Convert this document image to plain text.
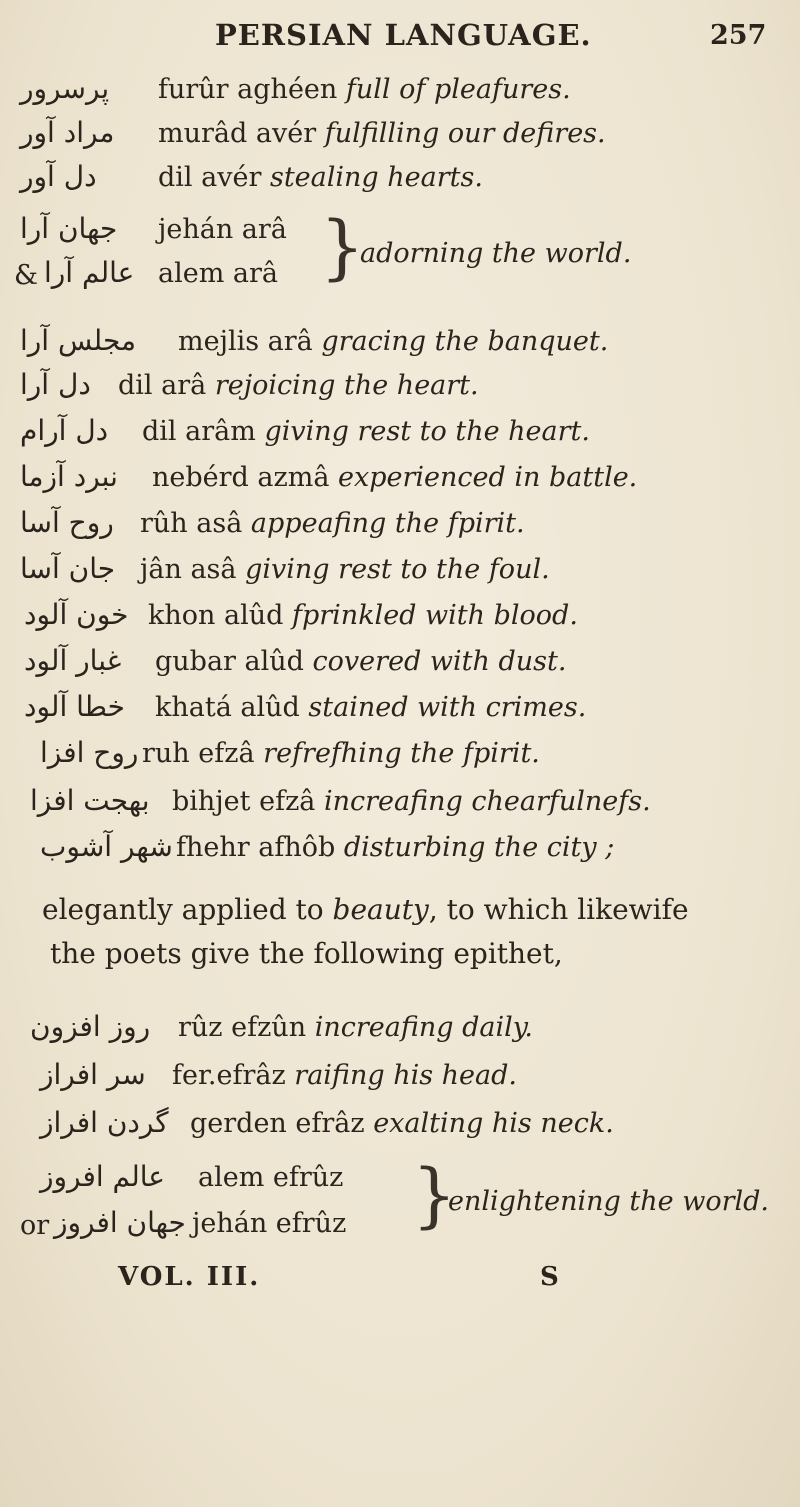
PERSIAN LANGUAGE.	257
پرسرور furûr aghéen full of pleafures.
مراد آور murâd avér fulfilling our defires.
دل آور dil avér stealing hearts.
جهان آرا jehán arâ
& عالم آرا alem arâ }
adorning the world.
مجلس آرا mejlis arâ gracing the banquet.
دل آرا dil arâ rejoicing the heart.
دل آرام dil arâm giving rest to the heart.
نبرد آزما nebérd azmâ experienced in battle.
روح آسا rûh asâ appeafing the fpirit.
جان آسا jân asâ giving rest to the foul.
خون آلود khon alûd fprinkled with blood.
غبار آلود gubar alûd covered with dust.
خطا آلود khatá alûd stained with crimes.
روح افزا ruh efzâ refrefhing the fpirit.
بهجت افزا bihjet efzâ increafing chearfulnefs.
شهر آشوب fhehr afhôb disturbing the city ;
elegantly applied to beauty, to which likewife
the poets give the following epithet,
روز افزون rûz efzûn increafing daily.
سر افراز fer.efrâz raifing his head.
گردن افراز gerden efrâz exalting his neck.
عالم افروز alem efrûz
or جهان افروز jehán efrûz }
enlightening the world.
VOL. III.	S
